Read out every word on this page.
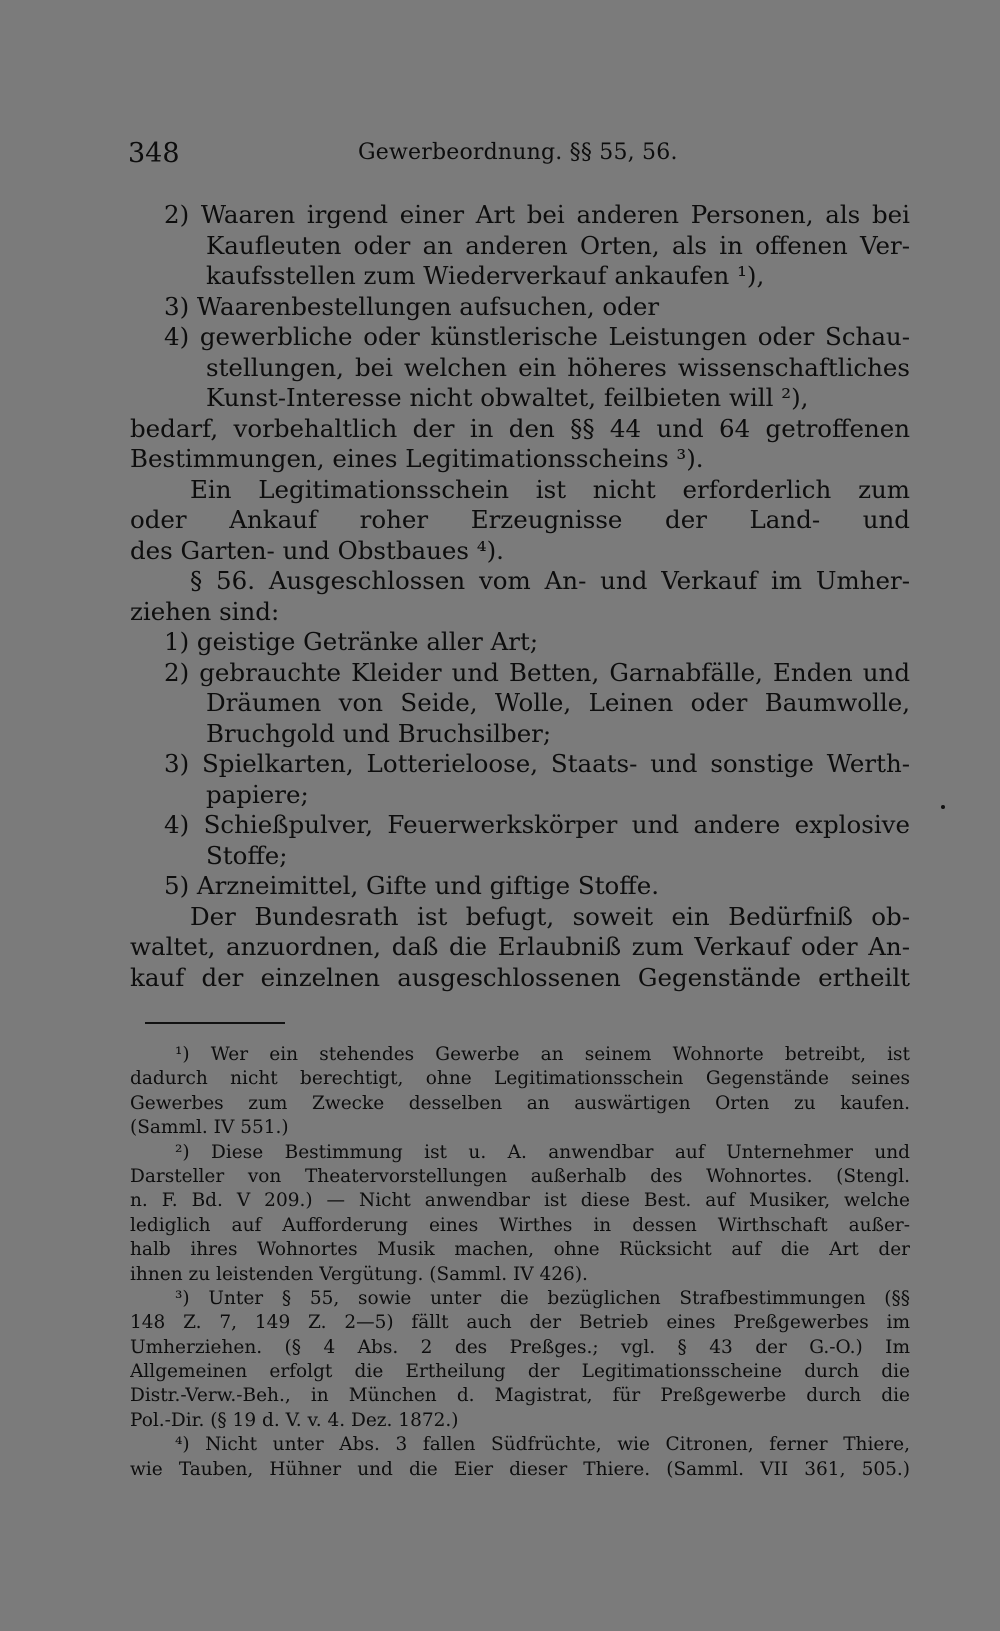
348	Gewerbeordnung. §§ 55, 56.
2) Waaren irgend einer Art bei anderen Personen, als bei
Kaufleuten oder an anderen Orten, als in offenen Ver-
kaufsstellen zum Wiederverkauf ankaufen ¹),
3) Waarenbestellungen aufsuchen, oder
4) gewerbliche oder künstlerische Leistungen oder Schau-
stellungen, bei welchen ein höheres wissenschaftliches
Kunst-Interesse nicht obwaltet, feilbieten will ²),
bedarf, vorbehaltlich der in den §§ 44 und 64 getroffenen
Bestimmungen, eines Legitimationsscheins ³).
Ein Legitimationsschein ist nicht erforderlich zum
oder Ankauf roher Erzeugnisse der Land- und
des Garten- und Obstbaues ⁴).
§ 56. Ausgeschlossen vom An- und Verkauf im Umher-
ziehen sind:
1) geistige Getränke aller Art;
2) gebrauchte Kleider und Betten, Garnabfälle, Enden und
Dräumen von Seide, Wolle, Leinen oder Baumwolle,
Bruchgold und Bruchsilber;
3) Spielkarten, Lotterieloose, Staats- und sonstige Werth-
papiere;
4) Schießpulver, Feuerwerkskörper und andere explosive
Stoffe;
5) Arzneimittel, Gifte und giftige Stoffe.
Der Bundesrath ist befugt, soweit ein Bedürfniß ob-
waltet, anzuordnen, daß die Erlaubniß zum Verkauf oder An-
kauf der einzelnen ausgeschlossenen Gegenstände ertheilt
¹) Wer ein stehendes Gewerbe an seinem Wohnorte betreibt, ist
dadurch nicht berechtigt, ohne Legitimationsschein Gegenstände seines
Gewerbes zum Zwecke desselben an auswärtigen Orten zu kaufen.
(Samml. IV 551.)
²) Diese Bestimmung ist u. A. anwendbar auf Unternehmer und
Darsteller von Theatervorstellungen außerhalb des Wohnortes. (Stengl.
n. F. Bd. V 209.) — Nicht anwendbar ist diese Best. auf Musiker, welche
lediglich auf Aufforderung eines Wirthes in dessen Wirthschaft außer-
halb ihres Wohnortes Musik machen, ohne Rücksicht auf die Art der
ihnen zu leistenden Vergütung. (Samml. IV 426).
³) Unter § 55, sowie unter die bezüglichen Strafbestimmungen (§§
148 Z. 7, 149 Z. 2—5) fällt auch der Betrieb eines Preßgewerbes im
Umherziehen. (§ 4 Abs. 2 des Preßges.; vgl. § 43 der G.-O.) Im
Allgemeinen erfolgt die Ertheilung der Legitimationsscheine durch die
Distr.-Verw.-Beh., in München d. Magistrat, für Preßgewerbe durch die
Pol.-Dir. (§ 19 d. V. v. 4. Dez. 1872.)
⁴) Nicht unter Abs. 3 fallen Südfrüchte, wie Citronen, ferner Thiere,
wie Tauben, Hühner und die Eier dieser Thiere. (Samml. VII 361, 505.)
